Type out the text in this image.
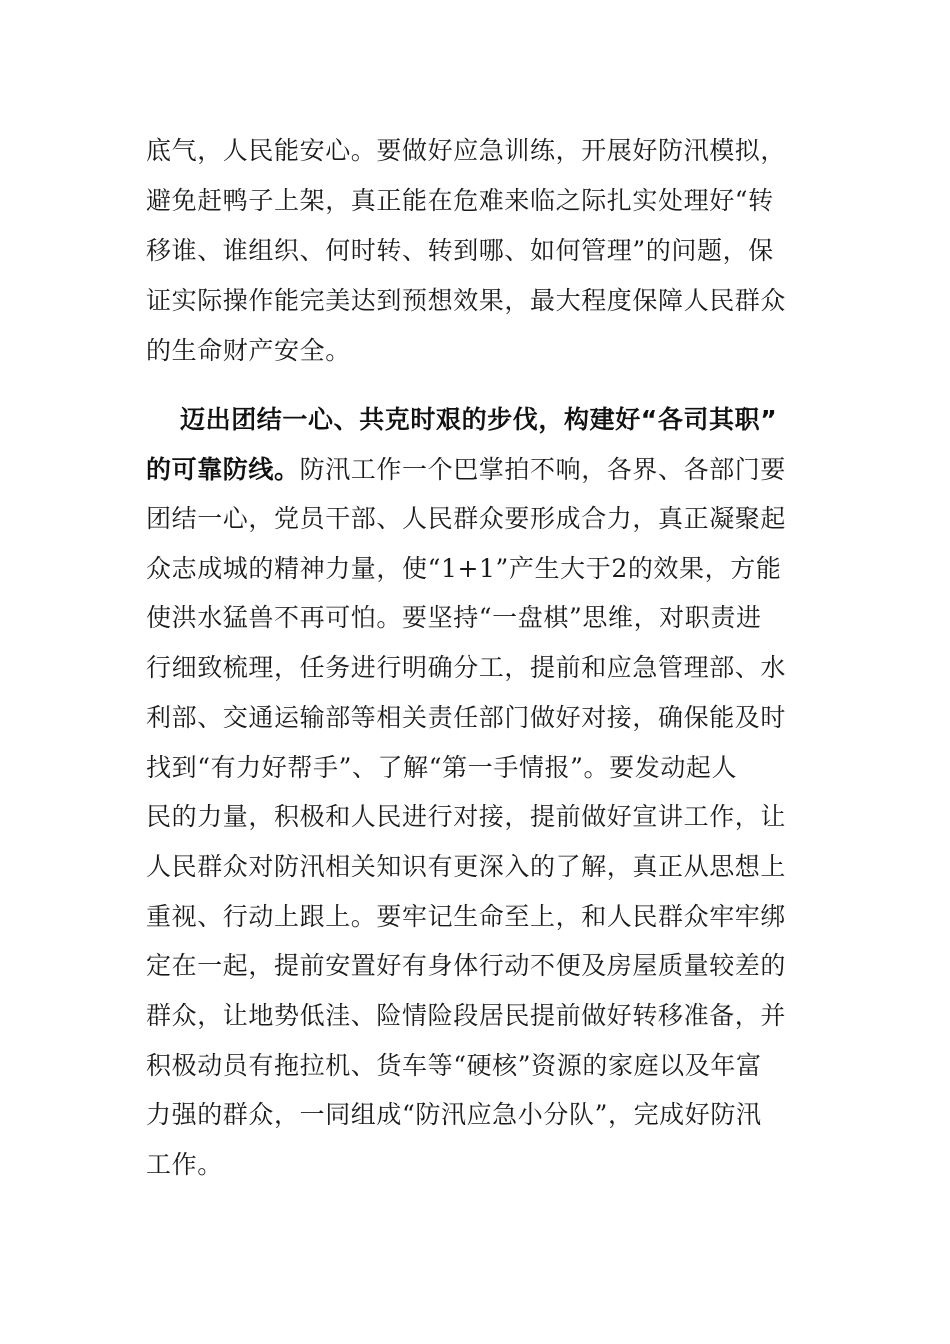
底气，人民能安心。要做好应急训练，开展好防汛模拟，
避免赶鸭子上架，真正能在危难来临之际扎实处理好“转
移谁、谁组织、何时转、转到哪、如何管理”的问题，保
证实际操作能完美达到预想效果，最大程度保障人民群众
的生命财产安全。
迈出团结一心、共克时艰的步伐，构建好“各司其职”
的可靠防线。防汛工作一个巴掌拍不响，各界、各部门要
团结一心，党员干部、人民群众要形成合力，真正凝聚起
众志成城的精神力量，使“1+1”产生大于2的效果，方能
使洪水猛兽不再可怕。要坚持“一盘棋”思维，对职责进
行细致梳理，任务进行明确分工，提前和应急管理部、水
利部、交通运输部等相关责任部门做好对接，确保能及时
找到“有力好帮手”、了解“第一手情报”。要发动起人
民的力量，积极和人民进行对接，提前做好宣讲工作，让
人民群众对防汛相关知识有更深入的了解，真正从思想上
重视、行动上跟上。要牢记生命至上，和人民群众牢牢绑
定在一起，提前安置好有身体行动不便及房屋质量较差的
群众，让地势低洼、险情险段居民提前做好转移准备，并
积极动员有拖拉机、货车等“硬核”资源的家庭以及年富
力强的群众，一同组成“防汛应急小分队”，完成好防汛
工作。
